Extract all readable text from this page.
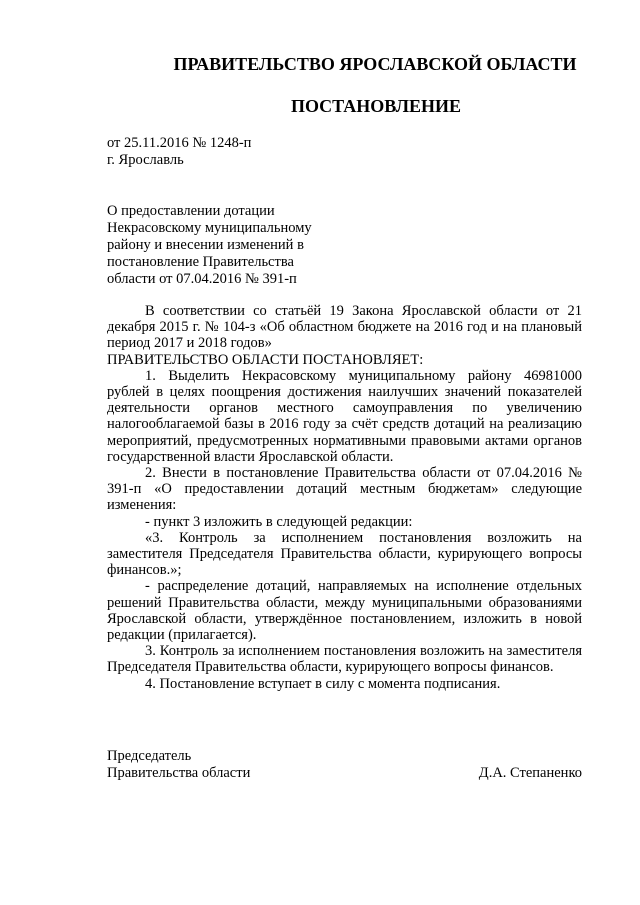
ПРАВИТЕЛЬСТВО ЯРОСЛАВСКОЙ ОБЛАСТИ
ПОСТАНОВЛЕНИЕ
от 25.11.2016 № 1248-п
г. Ярославль
О предоставлении дотации
Некрасовскому муниципальному
району и внесении изменений в
постановление Правительства
области от 07.04.2016 № 391-п

В соответствии со статьёй 19 Закона Ярославской области от 21 декабря 2015 г. № 104-з «Об областном бюджете на 2016 год и на плановый период 2017 и 2018 годов»

ПРАВИТЕЛЬСТВО ОБЛАСТИ ПОСТАНОВЛЯЕТ:

1. Выделить Некрасовскому муниципальному району 46981000 рублей в целях поощрения достижения наилучших значений показателей деятельности органов местного самоуправления по увеличению налогооблагаемой базы в 2016 году за счёт средств дотаций на реализацию мероприятий, предусмотренных нормативными правовыми актами органов государственной власти Ярославской области.

2. Внести в постановление Правительства области от 07.04.2016 № 391-п «О предоставлении дотаций местным бюджетам» следующие изменения:

- пункт 3 изложить в следующей редакции:

«3. Контроль за исполнением постановления возложить на заместителя Председателя Правительства области, курирующего вопросы финансов.»;

- распределение дотаций, направляемых на исполнение отдельных решений Правительства области, между муниципальными образованиями Ярославской области, утверждённое постановлением, изложить в новой редакции (прилагается).

3. Контроль за исполнением постановления возложить на заместителя Председателя Правительства области, курирующего вопросы финансов.

4. Постановление вступает в силу с момента подписания.

Председатель
Правительства области	Д.А. Степаненко
